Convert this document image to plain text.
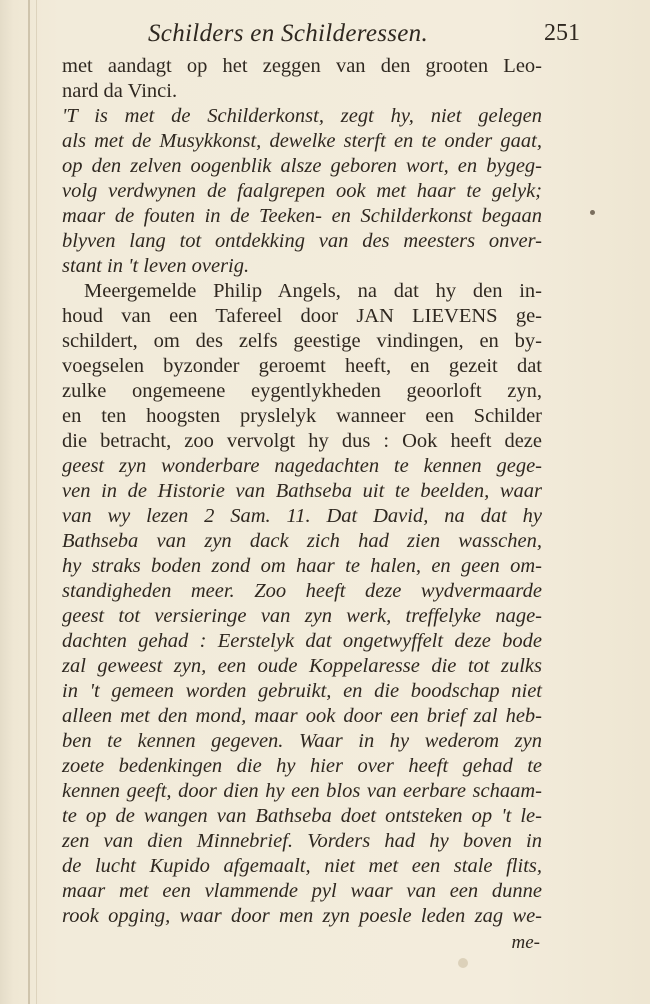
Schilders en Schilderessen.	251
met aandagt op het zeggen van den grooten Leo-
nard da Vinci.
'T is met de Schilderkonst, zegt hy, niet gelegen
als met de Musykkonst, dewelke sterft en te onder gaat,
op den zelven oogenblik alsze geboren wort, en bygeg-
volg verdwynen de faalgrepen ook met haar te gelyk;
maar de fouten in de Teeken- en Schilderkonst begaan
blyven lang tot ontdekking van des meesters onver-
stant in 't leven overig.
Meergemelde Philip Angels, na dat hy den in-
houd van een Tafereel door JAN LIEVENS ge-
schildert, om des zelfs geestige vindingen, en by-
voegselen byzonder geroemt heeft, en gezeit dat
zulke ongemeene eygentlykheden geoorloft zyn,
en ten hoogsten pryslelyk wanneer een Schilder
die betracht, zoo vervolgt hy dus : Ook heeft deze
geest zyn wonderbare nagedachten te kennen gege-
ven in de Historie van Bathseba uit te beelden, waar
van wy lezen 2 Sam. 11. Dat David, na dat hy
Bathseba van zyn dack zich had zien wasschen,
hy straks boden zond om haar te halen, en geen om-
standigheden meer. Zoo heeft deze wydvermaarde
geest tot versieringe van zyn werk, treffelyke nage-
dachten gehad : Eerstelyk dat ongetwyffelt deze bode
zal geweest zyn, een oude Koppelaresse die tot zulks
in 't gemeen worden gebruikt, en die boodschap niet
alleen met den mond, maar ook door een brief zal heb-
ben te kennen gegeven. Waar in hy wederom zyn
zoete bedenkingen die hy hier over heeft gehad te
kennen geeft, door dien hy een blos van eerbare schaam-
te op de wangen van Bathseba doet ontsteken op 't le-
zen van dien Minnebrief. Vorders had hy boven in
de lucht Kupido afgemaalt, niet met een stale flits,
maar met een vlammende pyl waar van een dunne
rook opging, waar door men zyn poesle leden zag we-
me-
